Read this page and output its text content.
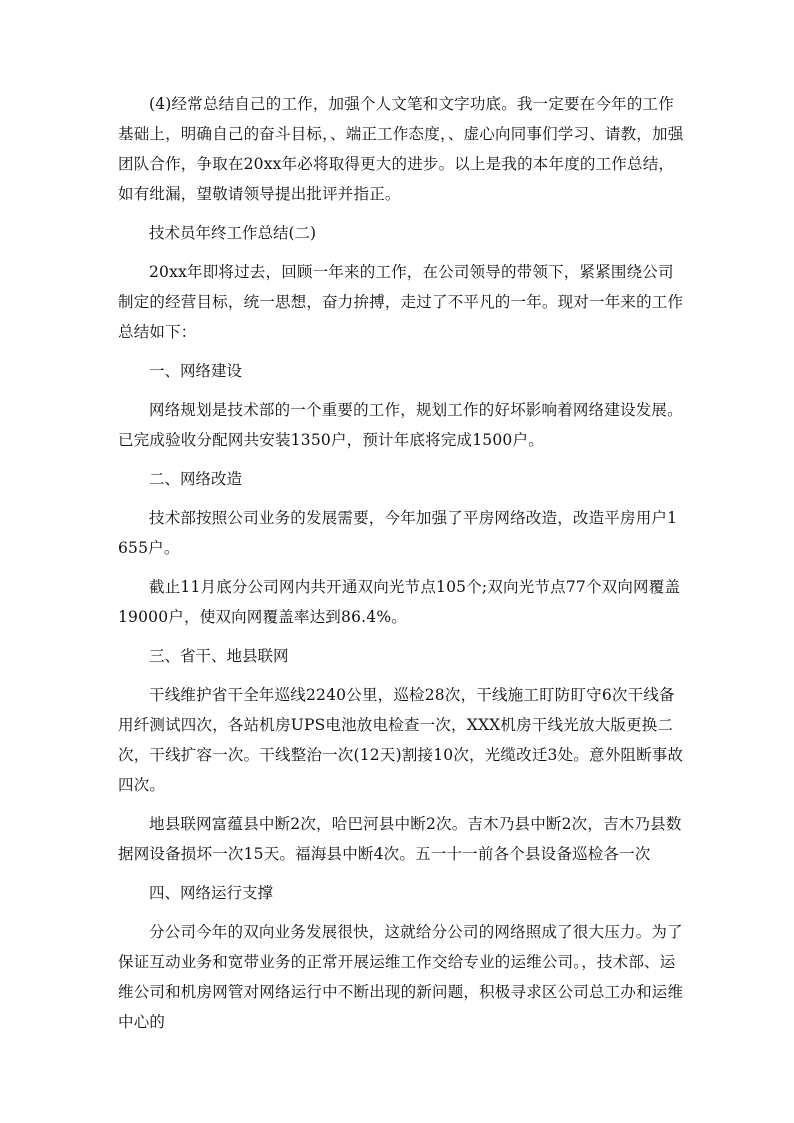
(4)经常总结自己的工作，加强个人文笔和文字功底。我一定要在今年的工作基础上，明确自己的奋斗目标，、端正工作态度，、虚心向同事们学习、请教，加强团队合作，争取在20xx年必将取得更大的进步。以上是我的本年度的工作总结，如有纰漏，望敬请领导提出批评并指正。

技术员年终工作总结(二)

20xx年即将过去，回顾一年来的工作，在公司领导的带领下，紧紧围绕公司制定的经营目标，统一思想，奋力拚搏，走过了不平凡的一年。现对一年来的工作总结如下：

一、网络建设

网络规划是技术部的一个重要的工作，规划工作的好坏影响着网络建设发展。已完成验收分配网共安装1350户，预计年底将完成1500户。

二、网络改造

技术部按照公司业务的发展需要，今年加强了平房网络改造，改造平房用户1655户。

截止11月底分公司网内共开通双向光节点105个;双向光节点77个双向网覆盖19000户，使双向网覆盖率达到86.4%。

三、省干、地县联网

干线维护省干全年巡线2240公里，巡检28次，干线施工盯防盯守6次干线备用纤测试四次，各站机房UPS电池放电检查一次，XXX机房干线光放大版更换二次，干线扩容一次。干线整治一次(12天)割接10次，光缆改迁3处。意外阻断事故四次。

地县联网富蕴县中断2次，哈巴河县中断2次。吉木乃县中断2次，吉木乃县数据网设备损坏一次15天。福海县中断4次。五一十一前各个县设备巡检各一次

四、网络运行支撑

分公司今年的双向业务发展很快，这就给分公司的网络照成了很大压力。为了保证互动业务和宽带业务的正常开展运维工作交给专业的运维公司。，技术部、运维公司和机房网管对网络运行中不断出现的新问题，积极寻求区公司总工办和运维中心的
